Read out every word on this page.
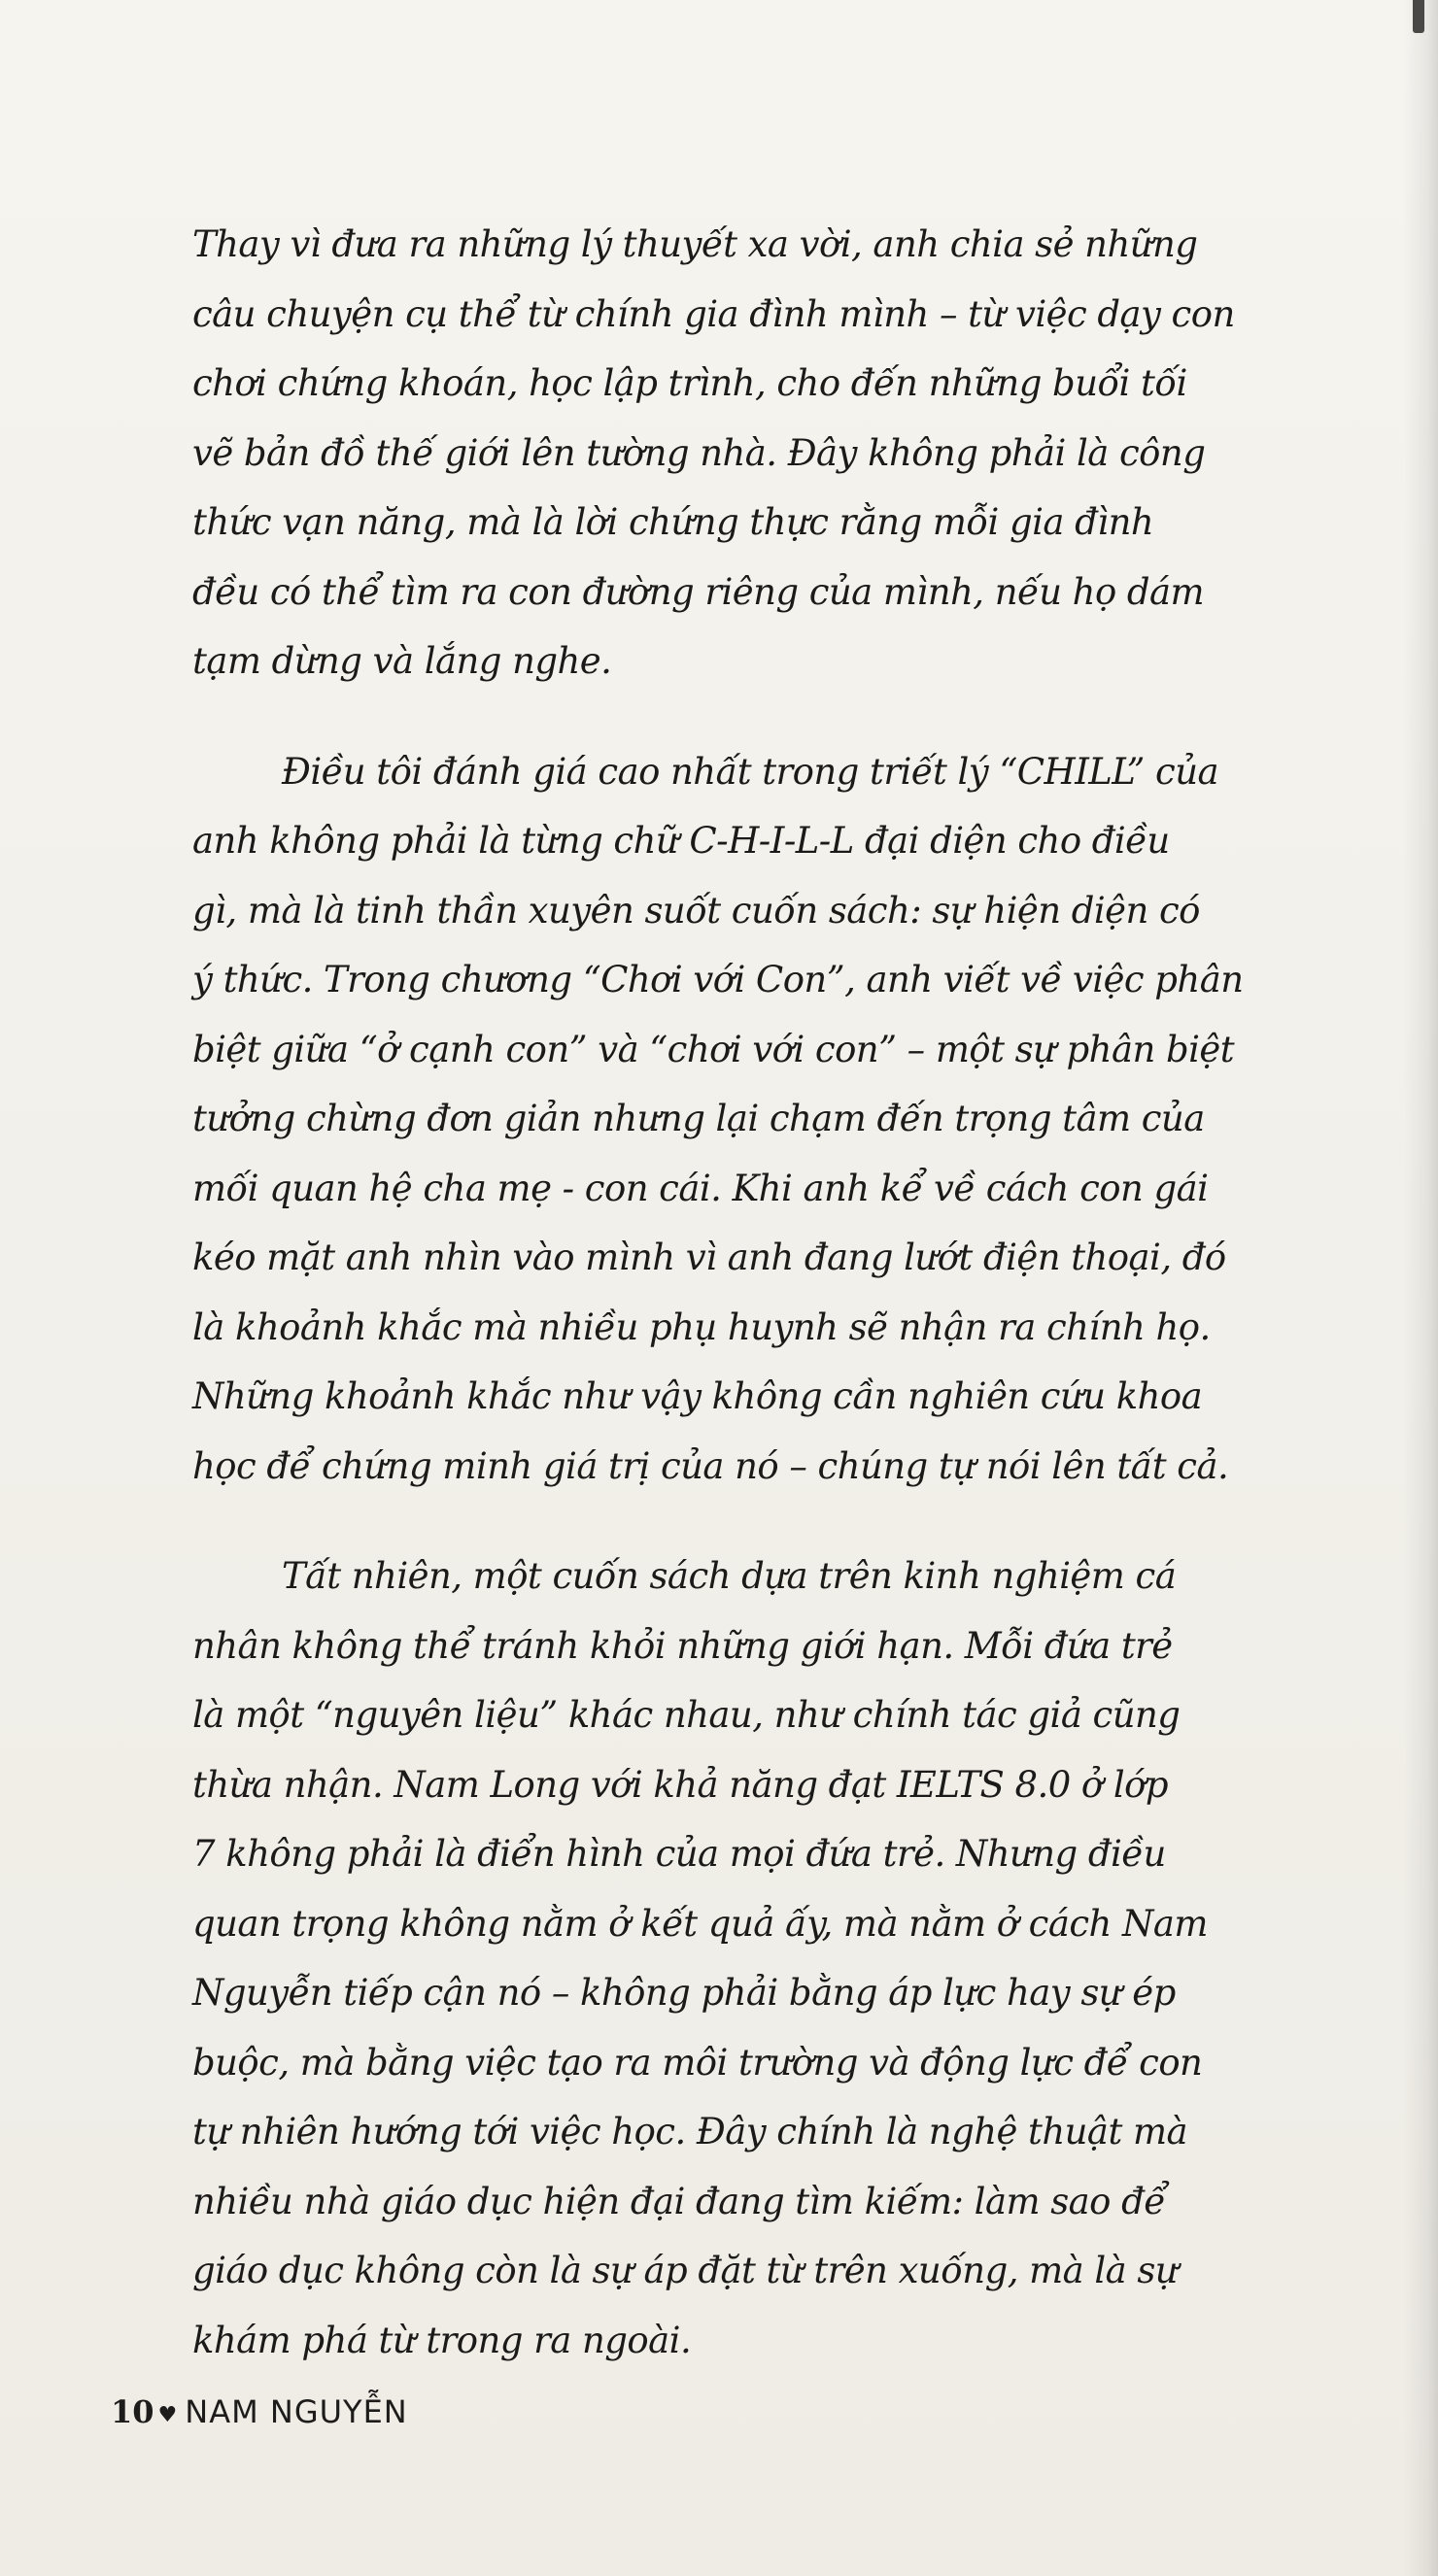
Thay vì đưa ra những lý thuyết xa vời, anh chia sẻ những
câu chuyện cụ thể từ chính gia đình mình – từ việc dạy con
chơi chứng khoán, học lập trình, cho đến những buổi tối
vẽ bản đồ thế giới lên tường nhà. Đây không phải là công
thức vạn năng, mà là lời chứng thực rằng mỗi gia đình
đều có thể tìm ra con đường riêng của mình, nếu họ dám
tạm dừng và lắng nghe.

Điều tôi đánh giá cao nhất trong triết lý “CHILL” của
anh không phải là từng chữ C-H-I-L-L đại diện cho điều
gì, mà là tinh thần xuyên suốt cuốn sách: sự hiện diện có
ý thức. Trong chương “Chơi với Con”, anh viết về việc phân
biệt giữa “ở cạnh con” và “chơi với con” – một sự phân biệt
tưởng chừng đơn giản nhưng lại chạm đến trọng tâm của
mối quan hệ cha mẹ - con cái. Khi anh kể về cách con gái
kéo mặt anh nhìn vào mình vì anh đang lướt điện thoại, đó
là khoảnh khắc mà nhiều phụ huynh sẽ nhận ra chính họ.
Những khoảnh khắc như vậy không cần nghiên cứu khoa
học để chứng minh giá trị của nó – chúng tự nói lên tất cả.

Tất nhiên, một cuốn sách dựa trên kinh nghiệm cá
nhân không thể tránh khỏi những giới hạn. Mỗi đứa trẻ
là một “nguyên liệu” khác nhau, như chính tác giả cũng
thừa nhận. Nam Long với khả năng đạt IELTS 8.0 ở lớp
7 không phải là điển hình của mọi đứa trẻ. Nhưng điều
quan trọng không nằm ở kết quả ấy, mà nằm ở cách Nam
Nguyễn tiếp cận nó – không phải bằng áp lực hay sự ép
buộc, mà bằng việc tạo ra môi trường và động lực để con
tự nhiên hướng tới việc học. Đây chính là nghệ thuật mà
nhiều nhà giáo dục hiện đại đang tìm kiếm: làm sao để
giáo dục không còn là sự áp đặt từ trên xuống, mà là sự
khám phá từ trong ra ngoài.

10 ♥ NAM NGUYỄN
